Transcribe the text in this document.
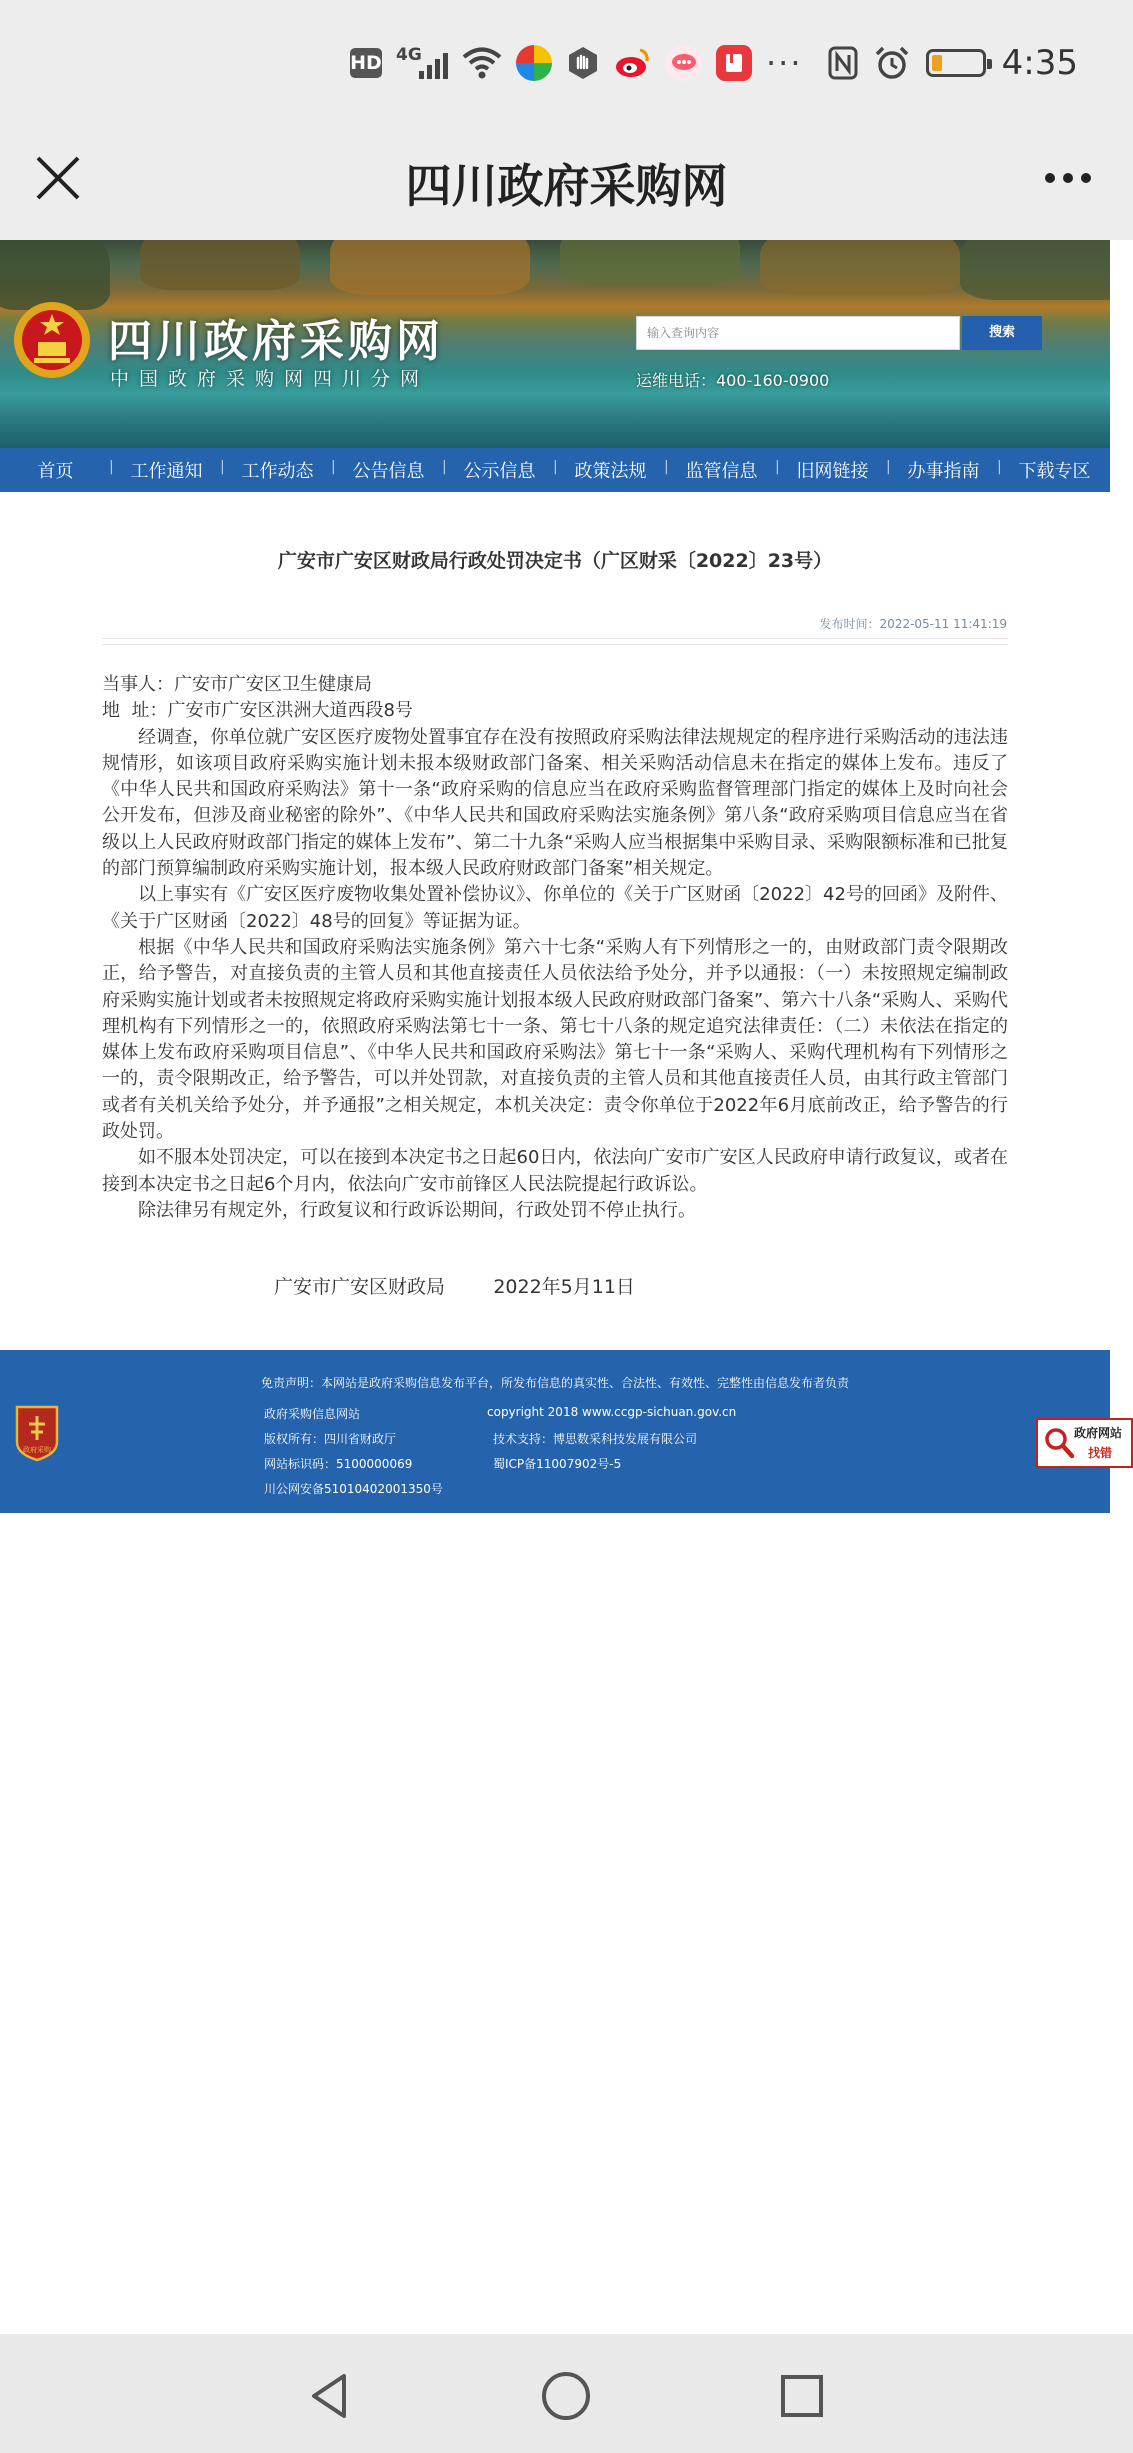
HD 4G	···	4:35
四川政府采购网
四川政府采购网
中国政府采购网四川分网
输入查询内容	搜索
运维电话：400-160-0900
首页	| 工作通知	| 工作动态	| 公告信息	| 公示信息	| 政策法规	| 监管信息	| 旧网链接	| 办事指南	| 下载专区
广安市广安区财政局行政处罚决定书（广区财采〔2022〕23号）
发布时间：2022-05-11 11:41:19

当事人：广安市广安区卫生健康局

地  址：广安市广安区洪洲大道西段8号

经调查，你单位就广安区医疗废物处置事宜存在没有按照政府采购法律法规规定的程序进行采购活动的违法违规情形，如该项目政府采购实施计划未报本级财政部门备案、相关采购活动信息未在指定的媒体上发布。违反了《中华人民共和国政府采购法》第十一条“政府采购的信息应当在政府采购监督管理部门指定的媒体上及时向社会公开发布，但涉及商业秘密的除外”、《中华人民共和国政府采购法实施条例》第八条“政府采购项目信息应当在省级以上人民政府财政部门指定的媒体上发布”、第二十九条“采购人应当根据集中采购目录、采购限额标准和已批复的部门预算编制政府采购实施计划，报本级人民政府财政部门备案”相关规定。

以上事实有《广安区医疗废物收集处置补偿协议》、你单位的《关于广区财函〔2022〕42号的回函》及附件、《关于广区财函〔2022〕48号的回复》等证据为证。

根据《中华人民共和国政府采购法实施条例》第六十七条“采购人有下列情形之一的，由财政部门责令限期改正，给予警告，对直接负责的主管人员和其他直接责任人员依法给予处分，并予以通报：（一）未按照规定编制政府采购实施计划或者未按照规定将政府采购实施计划报本级人民政府财政部门备案”、第六十八条“采购人、采购代理机构有下列情形之一的，依照政府采购法第七十一条、第七十八条的规定追究法律责任：（二）未依法在指定的媒体上发布政府采购项目信息”、《中华人民共和国政府采购法》第七十一条“采购人、采购代理机构有下列情形之一的，责令限期改正，给予警告，可以并处罚款，对直接负责的主管人员和其他直接责任人员，由其行政主管部门或者有关机关给予处分，并予通报”之相关规定，本机关决定：责令你单位于2022年6月底前改正，给予警告的行政处罚。

如不服本处罚决定，可以在接到本决定书之日起60日内，依法向广安市广安区人民政府申请行政复议，或者在接到本决定书之日起6个月内，依法向广安市前锋区人民法院提起行政诉讼。

除法律另有规定外，行政复议和行政诉讼期间，行政处罚不停止执行。

广安市广安区财政局        2022年5月11日
免责声明：本网站是政府采购信息发布平台，所发布信息的真实性、合法性、有效性、完整性由信息发布者负责
政府采购
政府采购信息网站
版权所有：四川省财政厅
网站标识码：5100000069
川公网安备51010402001350号
copyright 2018 www.ccgp-sichuan.gov.cn
技术支持：博思数采科技发展有限公司
蜀ICP备11007902号-5
政府网站
找错
